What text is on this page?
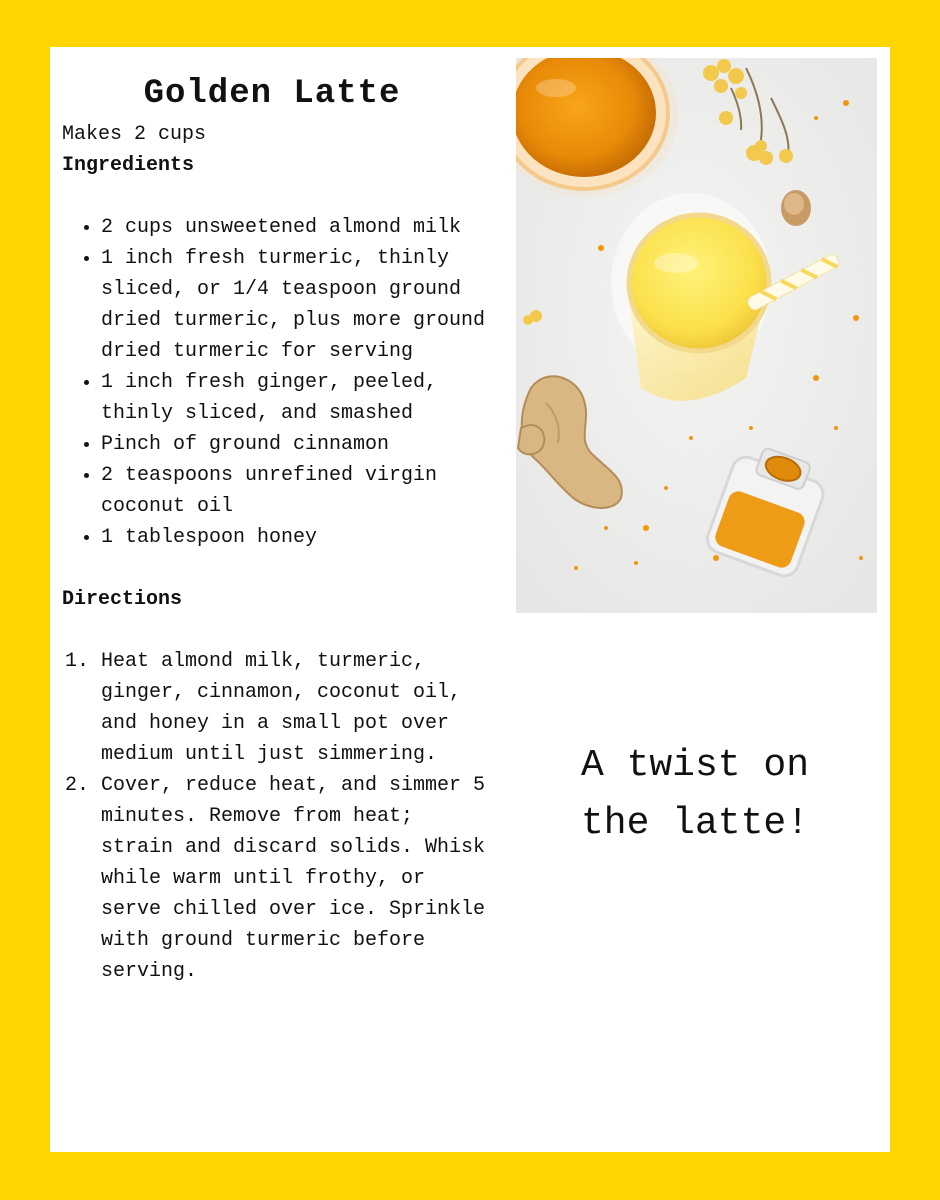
Golden Latte

Makes 2 cups

Ingredients

• 2 cups unsweetened almond milk
• 1 inch fresh turmeric, thinly sliced, or 1/4 teaspoon ground dried turmeric, plus more ground dried turmeric for serving
• 1 inch fresh ginger, peeled, thinly sliced, and smashed
• Pinch of ground cinnamon
• 2 teaspoons unrefined virgin coconut oil
• 1 tablespoon honey

Directions

1. Heat almond milk, turmeric, ginger, cinnamon, coconut oil, and honey in a small pot over medium until just simmering.
2. Cover, reduce heat, and simmer 5 minutes. Remove from heat; strain and discard solids. Whisk while warm until frothy, or serve chilled over ice. Sprinkle with ground turmeric before serving.
A twist on the latte!
